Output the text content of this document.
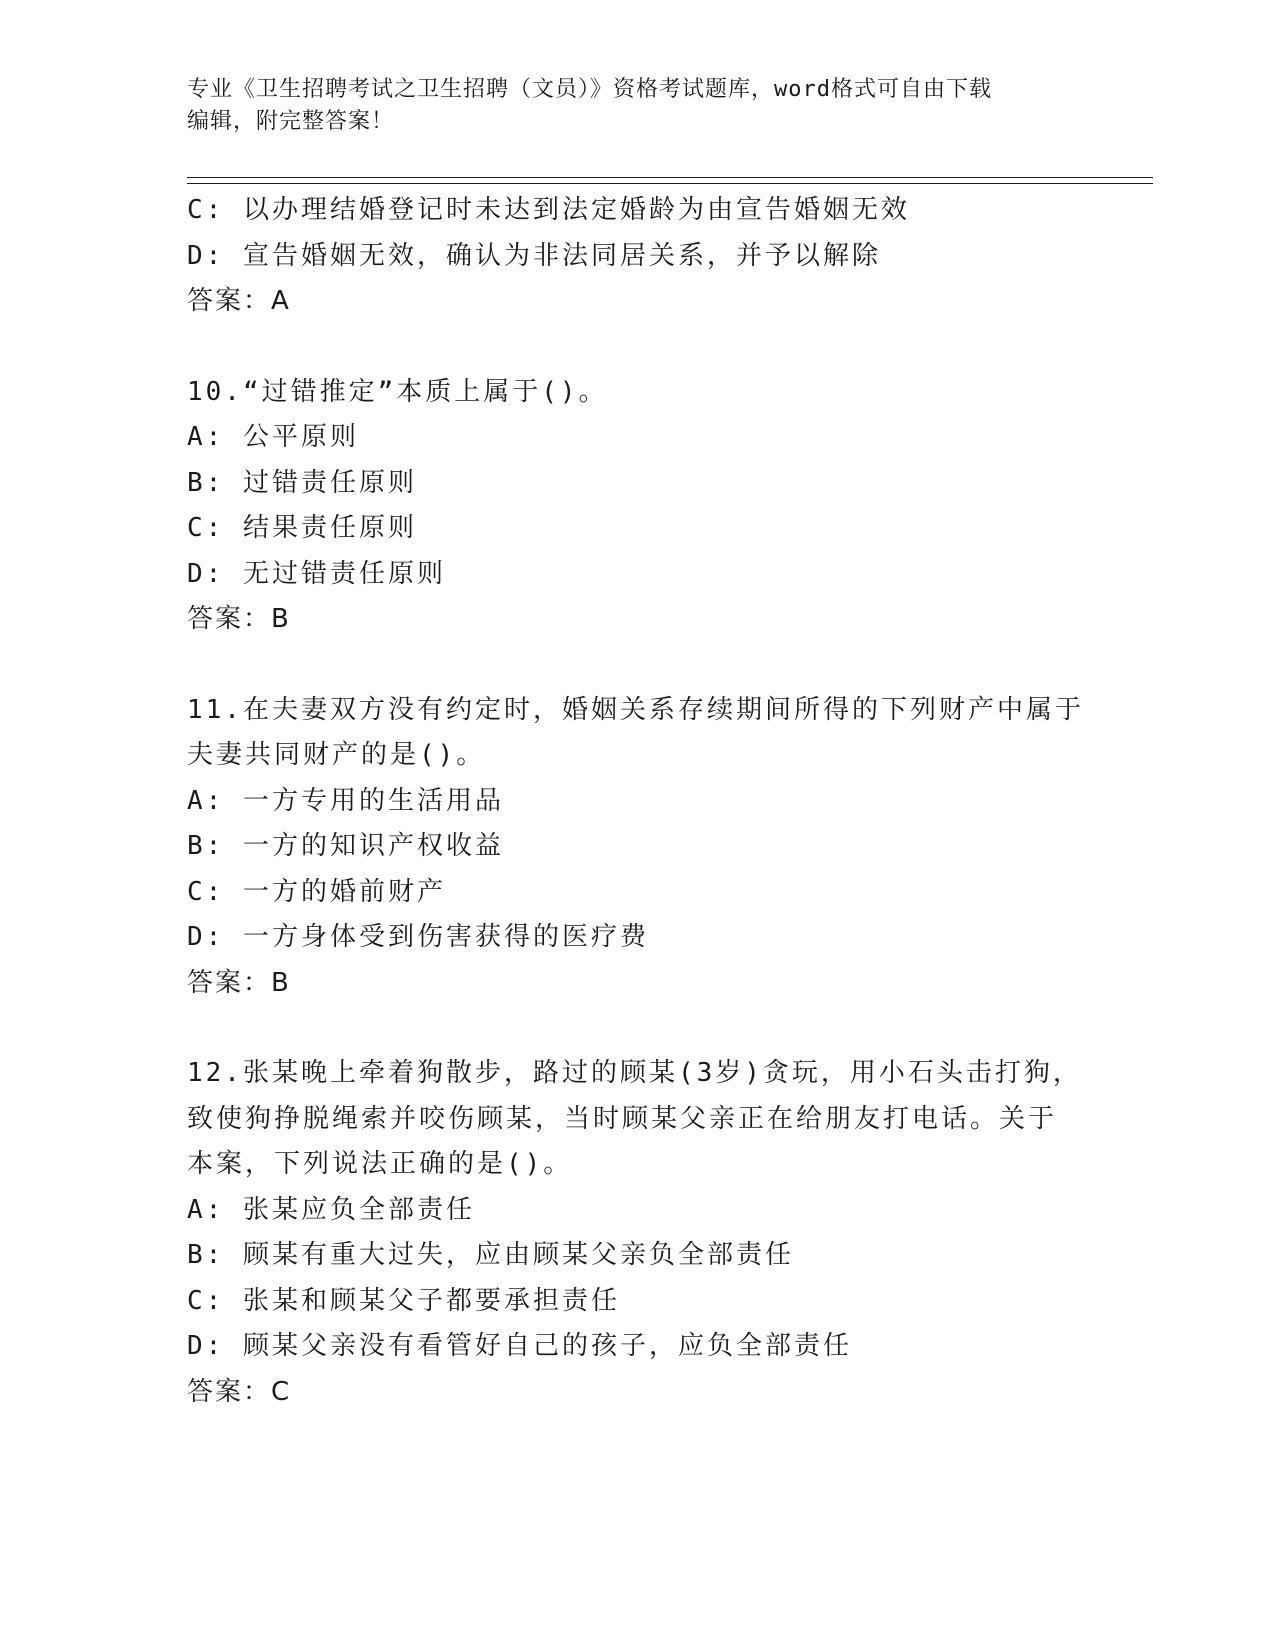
专业《卫生招聘考试之卫生招聘（文员）》资格考试题库，word格式可自由下载
编辑，附完整答案！
C: 以办理结婚登记时未达到法定婚龄为由宣告婚姻无效
D: 宣告婚姻无效，确认为非法同居关系，并予以解除
答案：A
10.“过错推定”本质上属于()。
A: 公平原则
B: 过错责任原则
C: 结果责任原则
D: 无过错责任原则
答案：B
11.在夫妻双方没有约定时，婚姻关系存续期间所得的下列财产中属于
夫妻共同财产的是()。
A: 一方专用的生活用品
B: 一方的知识产权收益
C: 一方的婚前财产
D: 一方身体受到伤害获得的医疗费
答案：B
12.张某晚上牵着狗散步，路过的顾某(3岁)贪玩，用小石头击打狗，
致使狗挣脱绳索并咬伤顾某，当时顾某父亲正在给朋友打电话。关于
本案，下列说法正确的是()。
A: 张某应负全部责任
B: 顾某有重大过失，应由顾某父亲负全部责任
C: 张某和顾某父子都要承担责任
D: 顾某父亲没有看管好自己的孩子，应负全部责任
答案：C
